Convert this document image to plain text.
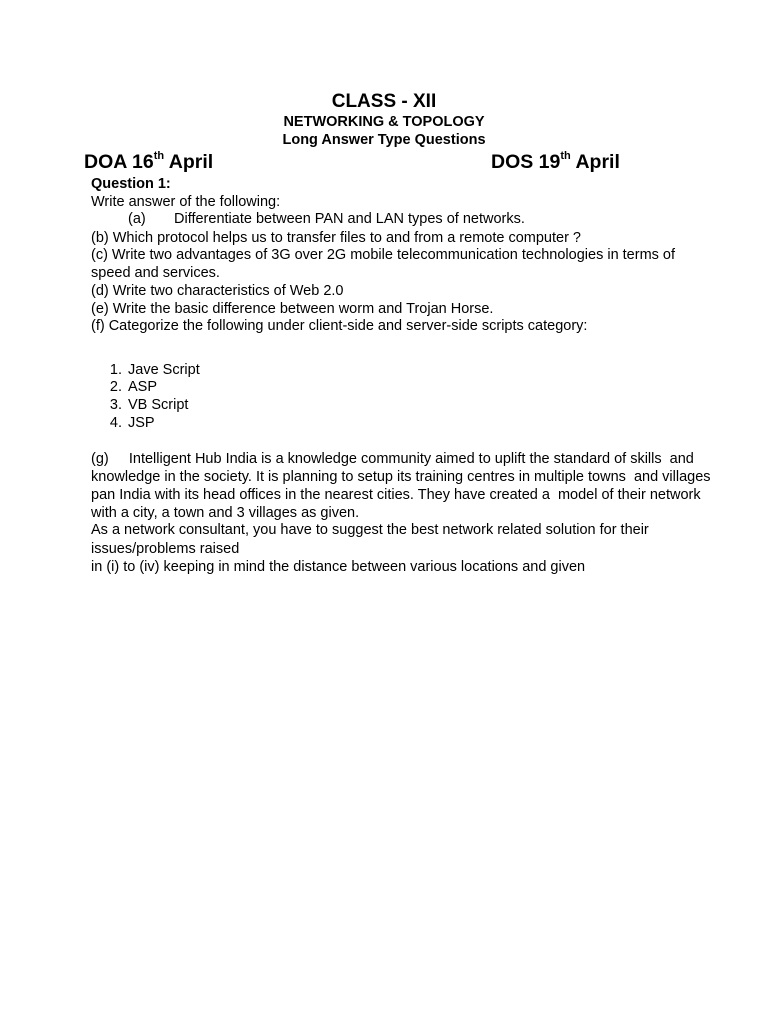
CLASS - XII
NETWORKING & TOPOLOGY
Long Answer Type Questions
DOA 16th April	DOS 19th April
Question 1:
Write answer of the following:
(a) Differentiate between PAN and LAN types of networks.
(b) Which protocol helps us to transfer files to and from a remote computer ?
(c) Write two advantages of 3G over 2G mobile telecommunication technologies in terms of
speed and services.
(d) Write two characteristics of Web 2.0
(e) Write the basic difference between worm and Trojan Horse.
(f) Categorize the following under client-side and server-side scripts category:
1. Jave Script
2. ASP
3. VB Script
4. JSP
(g)     Intelligent Hub India is a knowledge community aimed to uplift the standard of skills  and
knowledge in the society. It is planning to setup its training centres in multiple towns  and villages
pan India with its head offices in the nearest cities. They have created a  model of their network
with a city, a town and 3 villages as given.
As a network consultant, you have to suggest the best network related solution for their
issues/problems raised
in (i) to (iv) keeping in mind the distance between various locations and given
